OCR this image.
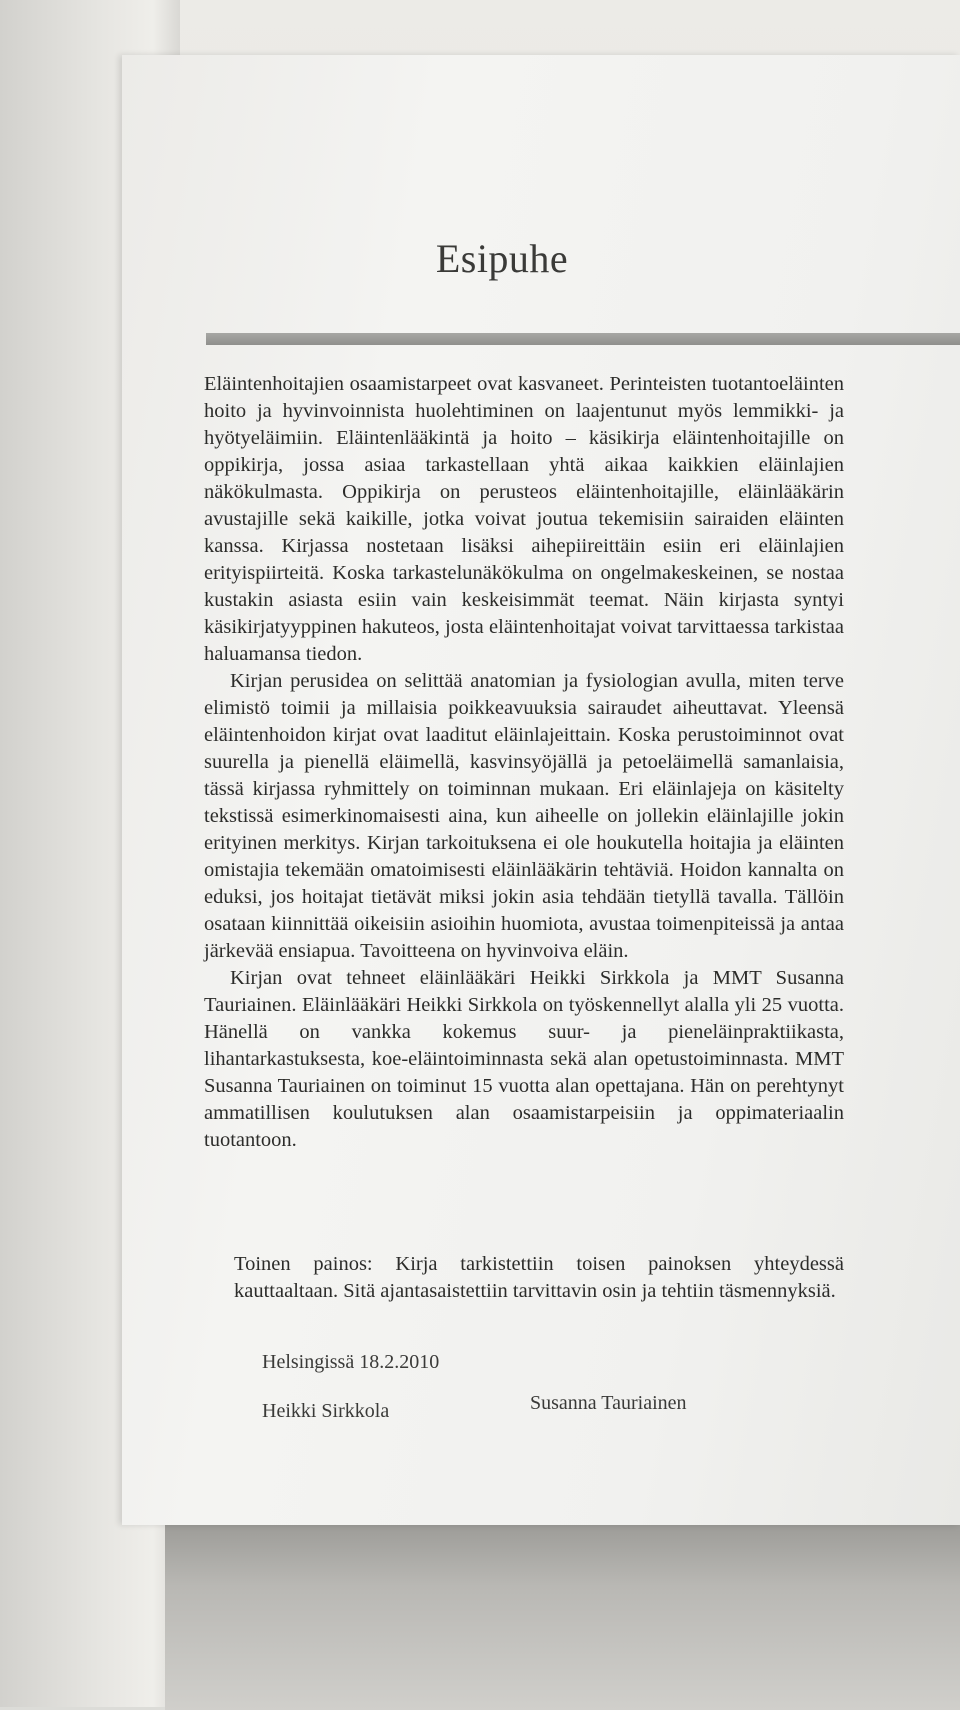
Esipuhe

Eläintenhoitajien osaamistarpeet ovat kasvaneet. Perinteisten tuotantoeläinten hoito ja hyvinvoinnista huolehtiminen on laajentunut myös lemmikki- ja hyötyeläimiin. Eläintenlääkintä ja hoito – käsikirja eläintenhoitajille on oppikirja, jossa asiaa tarkastellaan yhtä aikaa kaikkien eläinlajien näkökulmasta. Oppikirja on perusteos eläintenhoitajille, eläinlääkärin avustajille sekä kaikille, jotka voivat joutua tekemisiin sairaiden eläinten kanssa. Kirjassa nostetaan lisäksi aihepiireittäin esiin eri eläinlajien erityispiirteitä. Koska tarkastelunäkökulma on ongelmakeskeinen, se nostaa kustakin asiasta esiin vain keskeisimmät teemat. Näin kirjasta syntyi käsikirjatyyppinen hakuteos, josta eläintenhoitajat voivat tarvittaessa tarkistaa haluamansa tiedon.

Kirjan perusidea on selittää anatomian ja fysiologian avulla, miten terve elimistö toimii ja millaisia poikkeavuuksia sairaudet aiheuttavat. Yleensä eläintenhoidon kirjat ovat laaditut eläinlajeittain. Koska perustoiminnot ovat suurella ja pienellä eläimellä, kasvinsyöjällä ja petoeläimellä samanlaisia, tässä kirjassa ryhmittely on toiminnan mukaan. Eri eläinlajeja on käsitelty tekstissä esimerkinomaisesti aina, kun aiheelle on jollekin eläinlajille jokin erityinen merkitys. Kirjan tarkoituksena ei ole houkutella hoitajia ja eläinten omistajia tekemään omatoimisesti eläinlääkärin tehtäviä. Hoidon kannalta on eduksi, jos hoitajat tietävät miksi jokin asia tehdään tietyllä tavalla. Tällöin osataan kiinnittää oikeisiin asioihin huomiota, avustaa toimenpiteissä ja antaa järkevää ensiapua. Tavoitteena on hyvinvoiva eläin.

Kirjan ovat tehneet eläinlääkäri Heikki Sirkkola ja MMT Susanna Tauriainen. Eläinlääkäri Heikki Sirkkola on työskennellyt alalla yli 25 vuotta. Hänellä on vankka kokemus suur- ja pieneläinpraktiikasta, lihantarkastuksesta, koe-eläintoiminnasta sekä alan opetustoiminnasta. MMT Susanna Tauriainen on toiminut 15 vuotta alan opettajana. Hän on perehtynyt ammatillisen koulutuksen alan osaamistarpeisiin ja oppimateriaalin tuotantoon.

Toinen painos: Kirja tarkistettiin toisen painoksen yhteydessä kauttaaltaan. Sitä ajantasaistettiin tarvittavin osin ja tehtiin täsmennyksiä.

Helsingissä 18.2.2010
Heikki Sirkkola	Susanna Tauriainen
